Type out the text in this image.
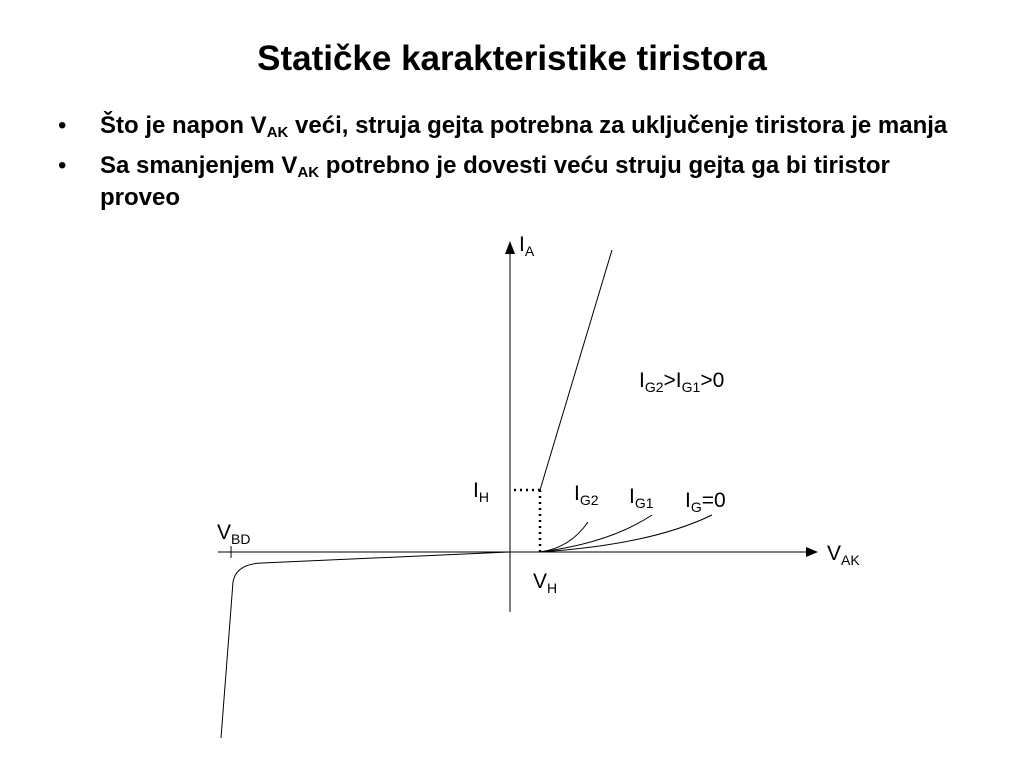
Statičke karakteristike tiristora
• Što je napon $V_{AK}$ veći, struja gejta potrebna za uključenje tiristora je manja
• Sa smanjenjem $V_{AK}$ potrebno je dovesti veću struju gejta ga bi tiristor proveo
$I_A$
$V_{AK}$
$I_{G2}>I_{G1}>0$
$I_H$	$I_{G2}$ $I_{G1}$ $I_G=0$
$V_{BD}$
$V_H$
